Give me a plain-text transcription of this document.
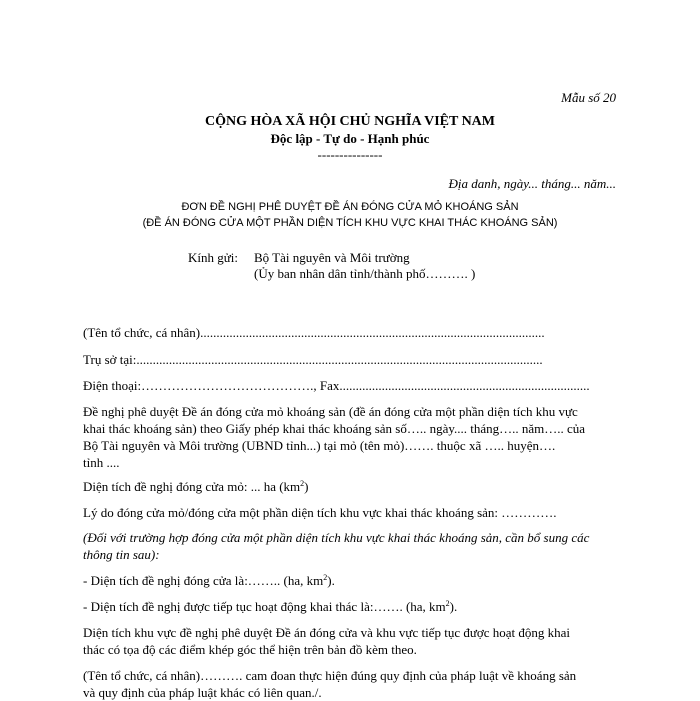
Mẫu số 20
CỘNG HÒA XÃ HỘI CHỦ NGHĨA VIỆT NAM
Độc lập - Tự do - Hạnh phúc
---------------
Địa danh, ngày... tháng... năm...
ĐƠN ĐỀ NGHỊ PHÊ DUYỆT ĐỀ ÁN ĐÓNG CỬA MỎ KHOÁNG SẢN
(ĐỀ ÁN ĐÓNG CỬA MỘT PHẦN DIỆN TÍCH KHU VỰC KHAI THÁC KHOÁNG SẢN)
Kính gửi: Bộ Tài nguyên và Môi trường
(Ủy ban nhân dân tỉnh/thành phố………. )
(Tên tổ chức, cá nhân)..........................................................................................................
Trụ sở tại:.............................................................................................................................
Điện thoại:…………………………………., Fax.............................................................................
Đề nghị phê duyệt Đề án đóng cửa mỏ khoáng sản (đề án đóng cửa một phần diện tích khu vực
khai thác khoáng sản) theo Giấy phép khai thác khoáng sản số….. ngày.... tháng….. năm….. của
Bộ Tài nguyên và Môi trường (UBND tỉnh...) tại mỏ (tên mỏ)……. thuộc xã ….. huyện….
tỉnh ....
Diện tích đề nghị đóng cửa mỏ: ... ha $(km^2)$
Lý do đóng cửa mỏ/đóng cửa một phần diện tích khu vực khai thác khoáng sản: ………….
(Đối với trường hợp đóng cửa một phần diện tích khu vực khai thác khoáng sản, cần bổ sung các
thông tin sau):
- Diện tích đề nghị đóng cửa là:…….. (ha, $km^2$).
- Diện tích đề nghị được tiếp tục hoạt động khai thác là:……. (ha, $km^2$).
Diện tích khu vực đề nghị phê duyệt Đề án đóng cửa và khu vực tiếp tục được hoạt động khai
thác có tọa độ các điểm khép góc thể hiện trên bản đồ kèm theo.
(Tên tổ chức, cá nhân)………. cam đoan thực hiện đúng quy định của pháp luật về khoáng sản
và quy định của pháp luật khác có liên quan./.
